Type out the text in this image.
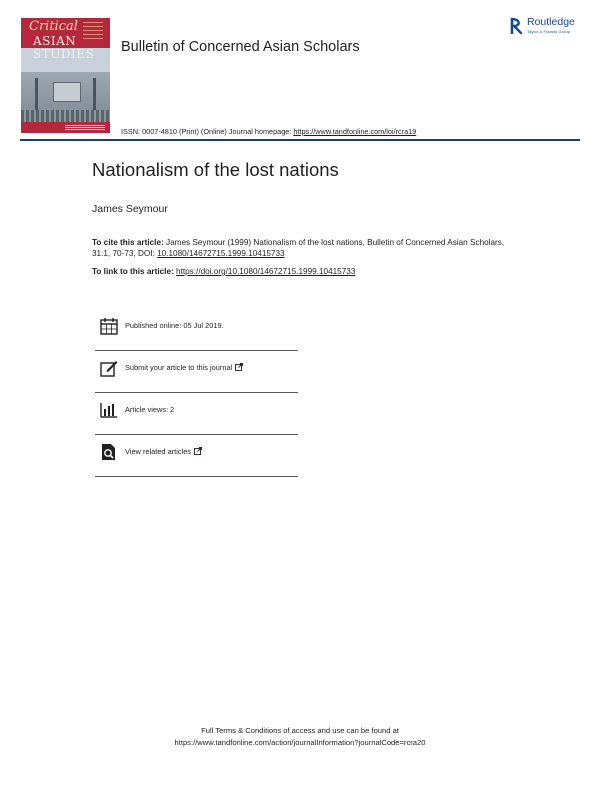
Critical
ASIAN
STUDIES Bulletin of Concerned Asian Scholars
Routledge
Taylor & Francis Group
ISSN: 0007-4810 (Print) (Online) Journal homepage: https://www.tandfonline.com/loi/rcra19
Nationalism of the lost nations
James Seymour
To cite this article: James Seymour (1999) Nationalism of the lost nations, Bulletin of Concerned Asian Scholars, 31:1, 70-73, DOI: 10.1080/14672715.1999.10415733
To link to this article: https://doi.org/10.1080/14672715.1999.10415733
Published online: 05 Jul 2019.
Submit your article to this journal
Article views: 2
View related articles
Full Terms & Conditions of access and use can be found at
https://www.tandfonline.com/action/journalInformation?journalCode=rcra20
